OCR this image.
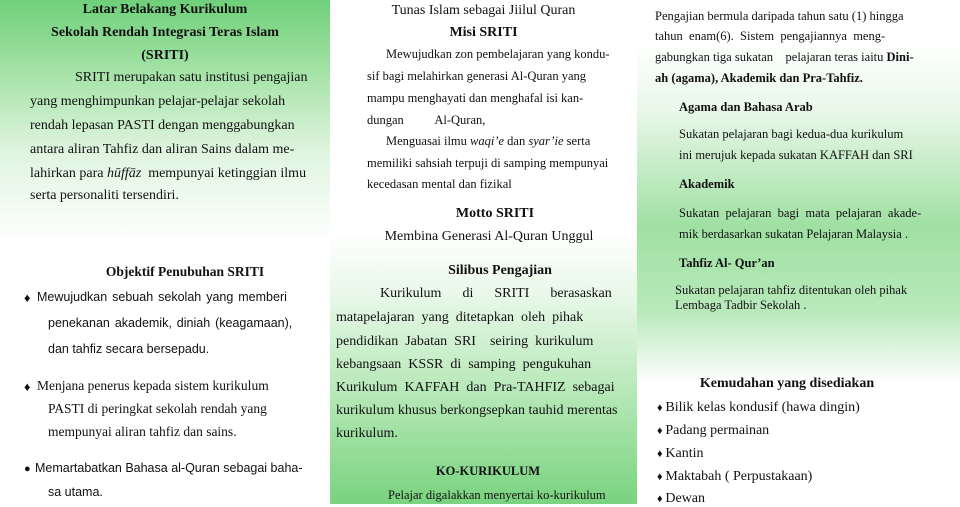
Latar Belakang Kurikulum
Sekolah Rendah Integrasi Teras Islam
(SRITI)
SRITI merupakan satu institusi pengajian
yang menghimpunkan pelajar-pelajar sekolah
rendah lepasan PASTI dengan menggabungkan
antara aliran Tahfiz dan aliran Sains dalam me-
lahirkan para hūffāz  mempunyai ketinggian ilmu
serta personaliti tersendiri.
Objektif Penubuhan SRITI
♦ Mewujudkan sebuah sekolah yang memberi
penekanan akademik, diniah (keagamaan),
dan tahfiz secara bersepadu.
♦ Menjana penerus kepada sistem kurikulum
PASTI di peringkat sekolah rendah yang
mempunyai aliran tahfiz dan sains.
● Memartabatkan Bahasa al-Quran sebagai baha-
sa utama.
Tunas Islam sebagai Jiilul Quran
Misi SRITI
Mewujudkan zon pembelajaran yang kondu-
sif bagi melahirkan generasi Al-Quran yang
mampu menghayati dan menghafal isi kan-
dungan          Al-Quran,
Menguasai ilmu waqi’e dan syar’ie serta
memiliki sahsiah terpuji di samping mempunyai
kecedasan mental dan fizikal
Motto SRITI
Membina Generasi Al-Quran Unggul
Silibus Pengajian
Kurikulum      di      SRITI      berasaskan
matapelajaran  yang  ditetapkan  oleh  pihak
pendidikan  Jabatan  SRI    seiring  kurikulum
kebangsaan  KSSR  di  samping  pengukuhan
Kurikulum  KAFFAH  dan  Pra-TAHFIZ  sebagai
kurikulum khusus berkongsepkan tauhid merentas
kurikulum.
KO-KURIKULUM
Pelajar digalakkan menyertai ko-kurikulum
Pengajian bermula daripada tahun satu (1) hingga
tahun  enam(6).  Sistem  pengajiannya  meng-
gabungkan tiga sukatan    pelajaran teras iaitu Dini-
ah (agama), Akademik dan Pra-Tahfiz.
Agama dan Bahasa Arab
Sukatan pelajaran bagi kedua-dua kurikulum
ini merujuk kepada sukatan KAFFAH dan SRI
Akademik
Sukatan  pelajaran  bagi  mata  pelajaran  akade-
mik berdasarkan sukatan Pelajaran Malaysia .
Tahfiz Al- Qur’an
Sukatan pelajaran tahfiz ditentukan oleh pihak
Lembaga Tadbir Sekolah .
Kemudahan yang disediakan
♦ Bilik kelas kondusif (hawa dingin)
♦ Padang permainan
♦ Kantin
♦ Maktabah ( Perpustakaan)
♦ Dewan
